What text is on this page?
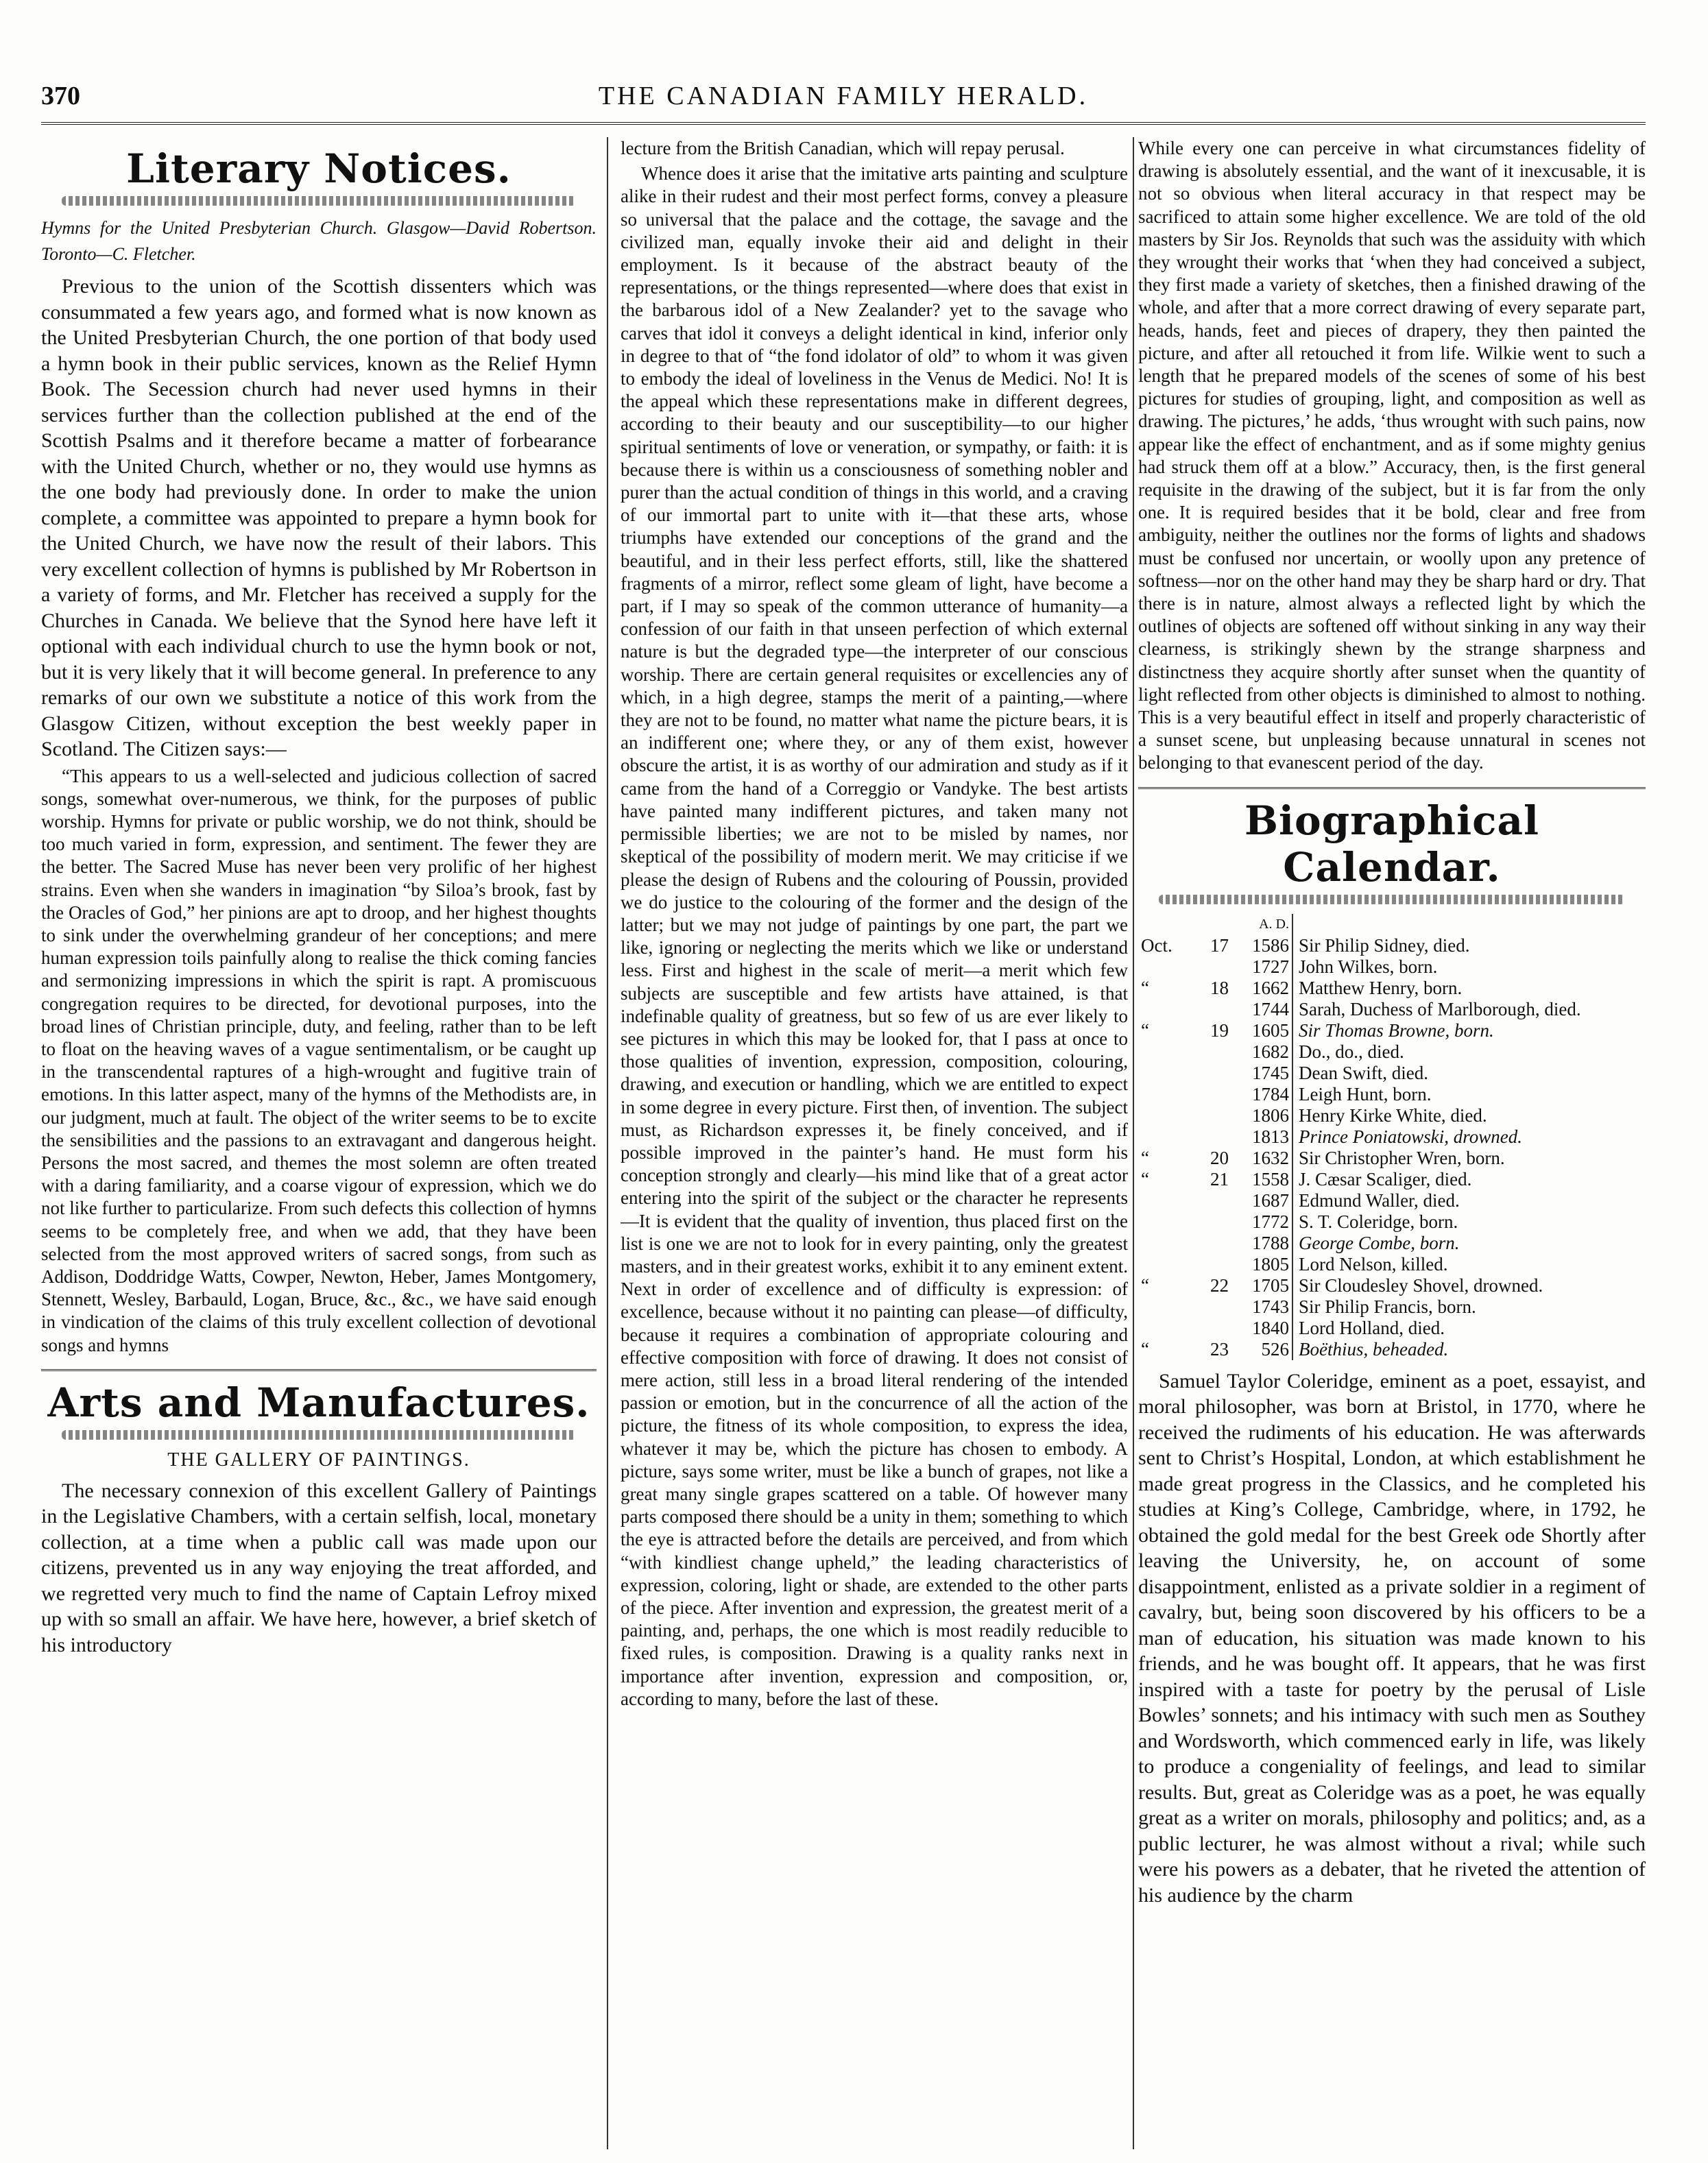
370	THE CANADIAN FAMILY HERALD.
Literary Notices.

Hymns for the United Presbyterian Church. Glasgow—David Robertson. Toronto—C. Fletcher.

Previous to the union of the Scottish dissenters which was consummated a few years ago, and formed what is now known as the United Presbyterian Church, the one portion of that body used a hymn book in their public services, known as the Relief Hymn Book. The Secession church had never used hymns in their services further than the collection published at the end of the Scottish Psalms and it therefore became a matter of forbearance with the United Church, whether or no, they would use hymns as the one body had previously done. In order to make the union complete, a committee was appointed to prepare a hymn book for the United Church, we have now the result of their labors. This very excellent collection of hymns is published by Mr Robertson in a variety of forms, and Mr. Fletcher has received a supply for the Churches in Canada. We believe that the Synod here have left it optional with each individual church to use the hymn book or not, but it is very likely that it will become general. In preference to any remarks of our own we substitute a notice of this work from the Glasgow Citizen, without exception the best weekly paper in Scotland. The Citizen says:—

“This appears to us a well-selected and judicious collection of sacred songs, somewhat over-numerous, we think, for the purposes of public worship. Hymns for private or public worship, we do not think, should be too much varied in form, expression, and sentiment. The fewer they are the better. The Sacred Muse has never been very prolific of her highest strains. Even when she wanders in imagination “by Siloa’s brook, fast by the Oracles of God,” her pinions are apt to droop, and her highest thoughts to sink under the overwhelming grandeur of her conceptions; and mere human expression toils painfully along to realise the thick coming fancies and sermonizing impressions in which the spirit is rapt. A promiscuous congregation requires to be directed, for devotional purposes, into the broad lines of Christian principle, duty, and feeling, rather than to be left to float on the heaving waves of a vague sentimentalism, or be caught up in the transcendental raptures of a high-wrought and fugitive train of emotions. In this latter aspect, many of the hymns of the Methodists are, in our judgment, much at fault. The object of the writer seems to be to excite the sensibilities and the passions to an extravagant and dangerous height. Persons the most sacred, and themes the most solemn are often treated with a daring familiarity, and a coarse vigour of expression, which we do not like further to particularize. From such defects this collection of hymns seems to be completely free, and when we add, that they have been selected from the most approved writers of sacred songs, from such as Addison, Doddridge Watts, Cowper, Newton, Heber, James Montgomery, Stennett, Wesley, Barbauld, Logan, Bruce, &c., &c., we have said enough in vindication of the claims of this truly excellent collection of devotional songs and hymns

Arts and Manufactures.
THE GALLERY OF PAINTINGS.

The necessary connexion of this excellent Gallery of Paintings in the Legislative Chambers, with a certain selfish, local, monetary collection, at a time when a public call was made upon our citizens, prevented us in any way enjoying the treat afforded, and we regretted very much to find the name of Captain Lefroy mixed up with so small an affair. We have here, however, a brief sketch of his introductory

lecture from the British Canadian, which will repay perusal.

Whence does it arise that the imitative arts painting and sculpture alike in their rudest and their most perfect forms, convey a pleasure so universal that the palace and the cottage, the savage and the civilized man, equally invoke their aid and delight in their employment. Is it because of the abstract beauty of the representations, or the things represented—where does that exist in the barbarous idol of a New Zealander? yet to the savage who carves that idol it conveys a delight identical in kind, inferior only in degree to that of “the fond idolator of old” to whom it was given to embody the ideal of loveliness in the Venus de Medici. No! It is the appeal which these representations make in different degrees, according to their beauty and our susceptibility—to our higher spiritual sentiments of love or veneration, or sympathy, or faith: it is because there is within us a consciousness of something nobler and purer than the actual condition of things in this world, and a craving of our immortal part to unite with it—that these arts, whose triumphs have extended our conceptions of the grand and the beautiful, and in their less perfect efforts, still, like the shattered fragments of a mirror, reflect some gleam of light, have become a part, if I may so speak of the common utterance of humanity—a confession of our faith in that unseen perfection of which external nature is but the degraded type—the interpreter of our conscious worship. There are certain general requisites or excellencies any of which, in a high degree, stamps the merit of a painting,—where they are not to be found, no matter what name the picture bears, it is an indifferent one; where they, or any of them exist, however obscure the artist, it is as worthy of our admiration and study as if it came from the hand of a Correggio or Vandyke. The best artists have painted many indifferent pictures, and taken many not permissible liberties; we are not to be misled by names, nor skeptical of the possibility of modern merit. We may criticise if we please the design of Rubens and the colouring of Poussin, provided we do justice to the colouring of the former and the design of the latter; but we may not judge of paintings by one part, the part we like, ignoring or neglecting the merits which we like or understand less. First and highest in the scale of merit—a merit which few subjects are susceptible and few artists have attained, is that indefinable quality of greatness, but so few of us are ever likely to see pictures in which this may be looked for, that I pass at once to those qualities of invention, expression, composition, colouring, drawing, and execution or handling, which we are entitled to expect in some degree in every picture. First then, of invention. The subject must, as Richardson expresses it, be finely conceived, and if possible improved in the painter’s hand. He must form his conception strongly and clearly—his mind like that of a great actor entering into the spirit of the subject or the character he represents—It is evident that the quality of invention, thus placed first on the list is one we are not to look for in every painting, only the greatest masters, and in their greatest works, exhibit it to any eminent extent. Next in order of excellence and of difficulty is expression: of excellence, because without it no painting can please—of difficulty, because it requires a combination of appropriate colouring and effective composition with force of drawing. It does not consist of mere action, still less in a broad literal rendering of the intended passion or emotion, but in the concurrence of all the action of the picture, the fitness of its whole composition, to express the idea, whatever it may be, which the picture has chosen to embody. A picture, says some writer, must be like a bunch of grapes, not like a great many single grapes scattered on a table. Of however many parts composed there should be a unity in them; something to which the eye is attracted before the details are perceived, and from which “with kindliest change upheld,” the leading characteristics of expression, coloring, light or shade, are extended to the other parts of the piece. After invention and expression, the greatest merit of a painting, and, perhaps, the one which is most readily reducible to fixed rules, is composition. Drawing is a quality ranks next in importance after invention, expression and composition, or, according to many, before the last of these.

While every one can perceive in what circumstances fidelity of drawing is absolutely essential, and the want of it inexcusable, it is not so obvious when literal accuracy in that respect may be sacrificed to attain some higher excellence. We are told of the old masters by Sir Jos. Reynolds that such was the assiduity with which they wrought their works that ‘when they had conceived a subject, they first made a variety of sketches, then a finished drawing of the whole, and after that a more correct drawing of every separate part, heads, hands, feet and pieces of drapery, they then painted the picture, and after all retouched it from life. Wilkie went to such a length that he prepared models of the scenes of some of his best pictures for studies of grouping, light, and composition as well as drawing. The pictures,’ he adds, ‘thus wrought with such pains, now appear like the effect of enchantment, and as if some mighty genius had struck them off at a blow.” Accuracy, then, is the first general requisite in the drawing of the subject, but it is far from the only one. It is required besides that it be bold, clear and free from ambiguity, neither the outlines nor the forms of lights and shadows must be confused nor uncertain, or woolly upon any pretence of softness—nor on the other hand may they be sharp hard or dry. That there is in nature, almost always a reflected light by which the outlines of objects are softened off without sinking in any way their clearness, is strikingly shewn by the strange sharpness and distinctness they acquire shortly after sunset when the quantity of light reflected from other objects is diminished to almost to nothing. This is a very beautiful effect in itself and properly characteristic of a sunset scene, but unpleasing because unnatural in scenes not belonging to that evanescent period of the day.

Biographical Calendar.
		A. D.	
Oct.	17	1586	Sir Philip Sidney, died.
		1727	John Wilkes, born.
“	18	1662	Matthew Henry, born.
		1744	Sarah, Duchess of Marlborough, died.
“	19	1605	Sir Thomas Browne, born.
		1682	Do., do., died.
		1745	Dean Swift, died.
		1784	Leigh Hunt, born.
		1806	Henry Kirke White, died.
		1813	Prince Poniatowski, drowned.
“	20	1632	Sir Christopher Wren, born.
“	21	1558	J. Cæsar Scaliger, died.
		1687	Edmund Waller, died.
		1772	S. T. Coleridge, born.
		1788	George Combe, born.
		1805	Lord Nelson, killed.
“	22	1705	Sir Cloudesley Shovel, drowned.
		1743	Sir Philip Francis, born.
		1840	Lord Holland, died.
“	23	526	Boëthius, beheaded.

Samuel Taylor Coleridge, eminent as a poet, essayist, and moral philosopher, was born at Bristol, in 1770, where he received the rudiments of his education. He was afterwards sent to Christ’s Hospital, London, at which establishment he made great progress in the Classics, and he completed his studies at King’s College, Cambridge, where, in 1792, he obtained the gold medal for the best Greek ode Shortly after leaving the University, he, on account of some disappointment, enlisted as a private soldier in a regiment of cavalry, but, being soon discovered by his officers to be a man of education, his situation was made known to his friends, and he was bought off. It appears, that he was first inspired with a taste for poetry by the perusal of Lisle Bowles’ sonnets; and his intimacy with such men as Southey and Wordsworth, which commenced early in life, was likely to produce a congeniality of feelings, and lead to similar results. But, great as Coleridge was as a poet, he was equally great as a writer on morals, philosophy and politics; and, as a public lecturer, he was almost without a rival; while such were his powers as a debater, that he riveted the attention of his audience by the charm
